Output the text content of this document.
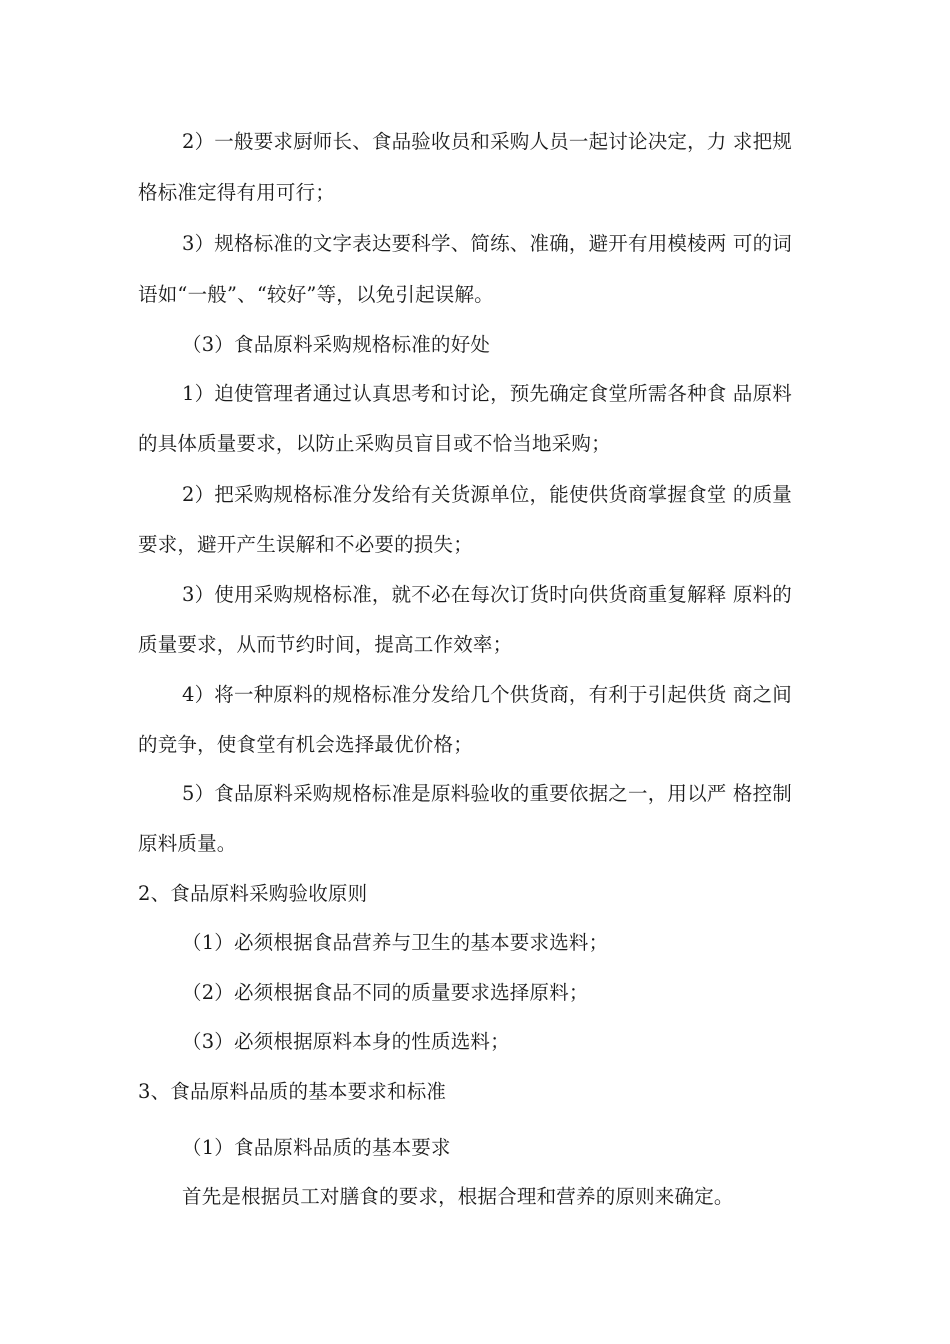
2）一般要求厨师长、食品验收员和采购人员一起讨论决定，力 求把规
格标准定得有用可行；
3）规格标准的文字表达要科学、简练、准确，避开有用模棱两 可的词
语如“一般”、“较好”等，以免引起误解。
（3）食品原料采购规格标准的好处
1）迫使管理者通过认真思考和讨论，预先确定食堂所需各种食 品原料
的具体质量要求，以防止采购员盲目或不恰当地采购；
2）把采购规格标准分发给有关货源单位，能使供货商掌握食堂 的质量
要求，避开产生误解和不必要的损失；
3）使用采购规格标准，就不必在每次订货时向供货商重复解释 原料的
质量要求，从而节约时间，提高工作效率；
4）将一种原料的规格标准分发给几个供货商，有利于引起供货 商之间
的竞争，使食堂有机会选择最优价格；
5）食品原料采购规格标准是原料验收的重要依据之一，用以严 格控制
原料质量。
2、食品原料采购验收原则
（1）必须根据食品营养与卫生的基本要求选料；
（2）必须根据食品不同的质量要求选择原料；
（3）必须根据原料本身的性质选料；
3、食品原料品质的基本要求和标准
（1）食品原料品质的基本要求
首先是根据员工对膳食的要求，根据合理和营养的原则来确定。
